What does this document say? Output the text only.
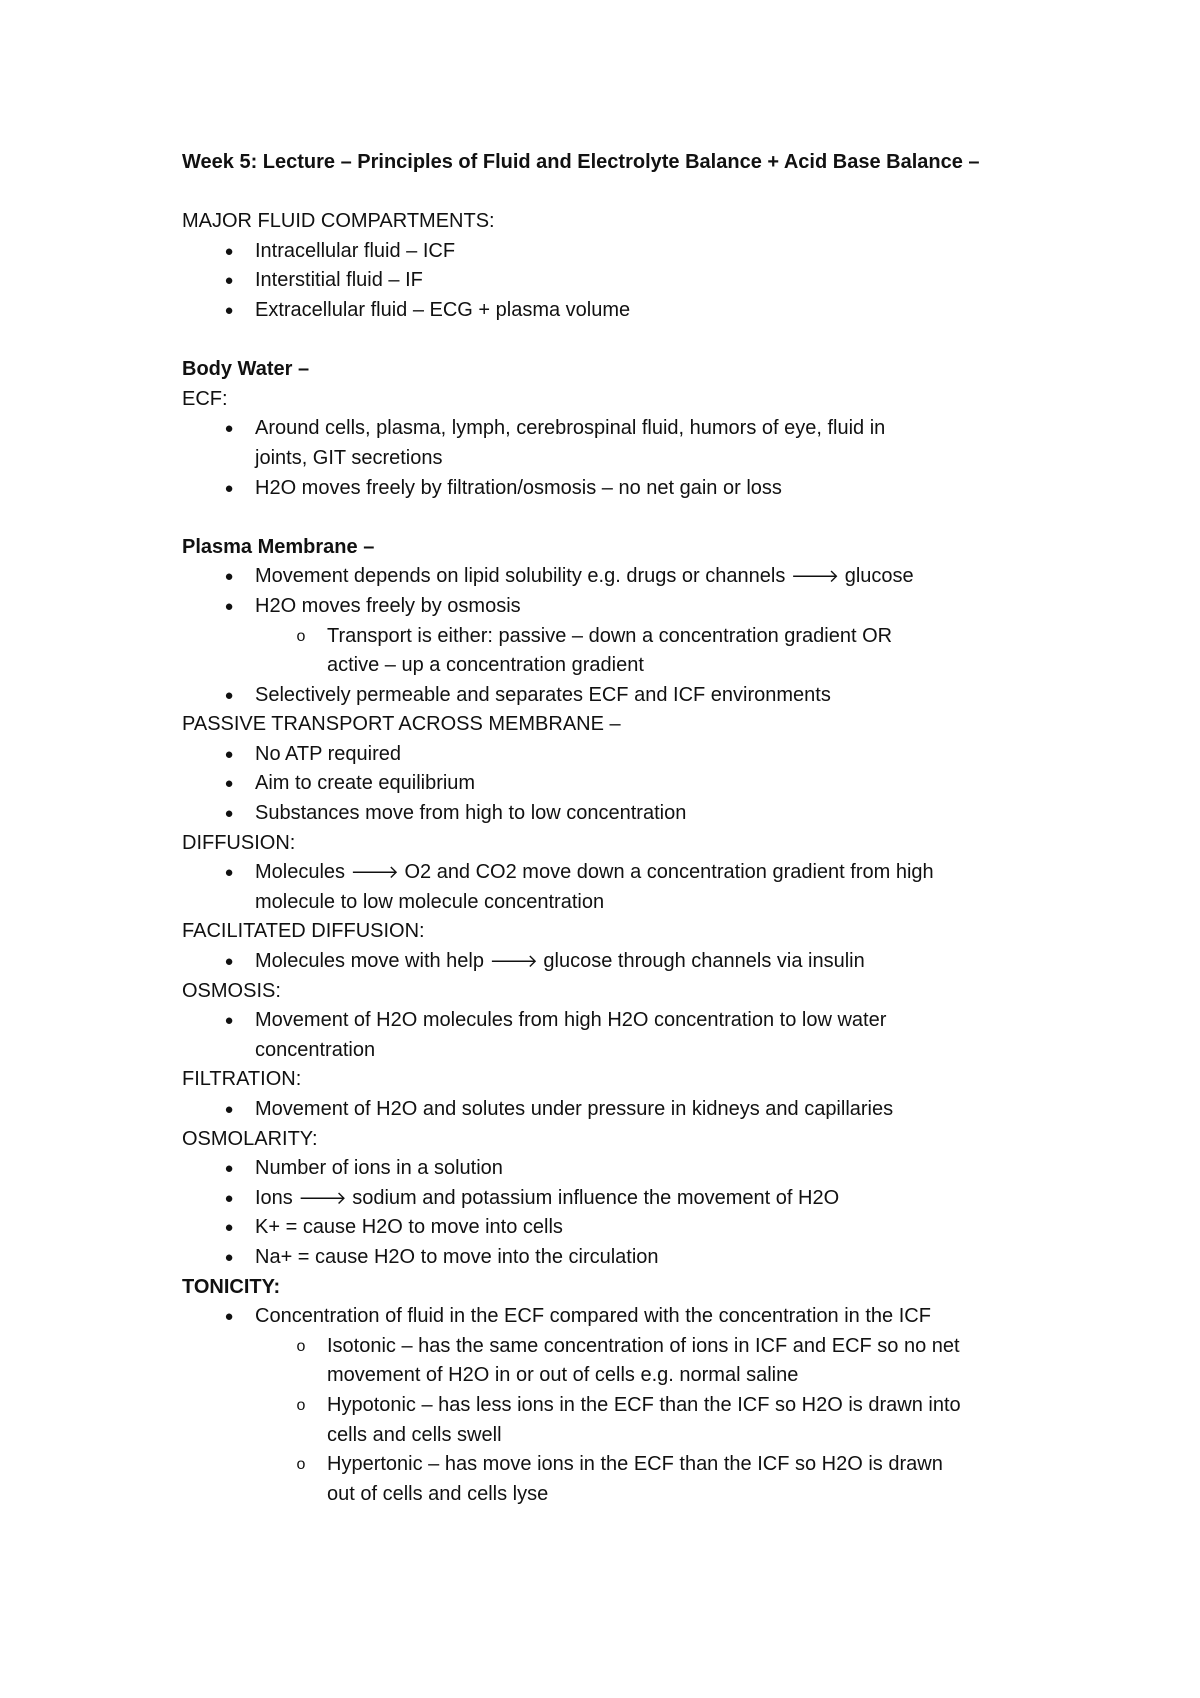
Week 5: Lecture – Principles of Fluid and Electrolyte Balance + Acid Base Balance –
MAJOR FLUID COMPARTMENTS:
● Intracellular fluid – ICF
● Interstitial fluid – IF
● Extracellular fluid – ECG + plasma volume
Body Water –
ECF:
● Around cells, plasma, lymph, cerebrospinal fluid, humors of eye, fluid in
joints, GIT secretions
● H2O moves freely by filtration/osmosis – no net gain or loss
Plasma Membrane –
● Movement depends on lipid solubility e.g. drugs or channels 🡒 glucose
● H2O moves freely by osmosis
o Transport is either: passive – down a concentration gradient OR
active – up a concentration gradient
● Selectively permeable and separates ECF and ICF environments
PASSIVE TRANSPORT ACROSS MEMBRANE –
● No ATP required
● Aim to create equilibrium
● Substances move from high to low concentration
DIFFUSION:
● Molecules 🡒 O2 and CO2 move down a concentration gradient from high
molecule to low molecule concentration
FACILITATED DIFFUSION:
● Molecules move with help 🡒 glucose through channels via insulin
OSMOSIS:
● Movement of H2O molecules from high H2O concentration to low water
concentration
FILTRATION:
● Movement of H2O and solutes under pressure in kidneys and capillaries
OSMOLARITY:
● Number of ions in a solution
● Ions 🡒 sodium and potassium influence the movement of H2O
● K+ = cause H2O to move into cells
● Na+ = cause H2O to move into the circulation
TONICITY:
● Concentration of fluid in the ECF compared with the concentration in the ICF
o Isotonic – has the same concentration of ions in ICF and ECF so no net
movement of H2O in or out of cells e.g. normal saline
o Hypotonic – has less ions in the ECF than the ICF so H2O is drawn into
cells and cells swell
o Hypertonic – has move ions in the ECF than the ICF so H2O is drawn
out of cells and cells lyse
